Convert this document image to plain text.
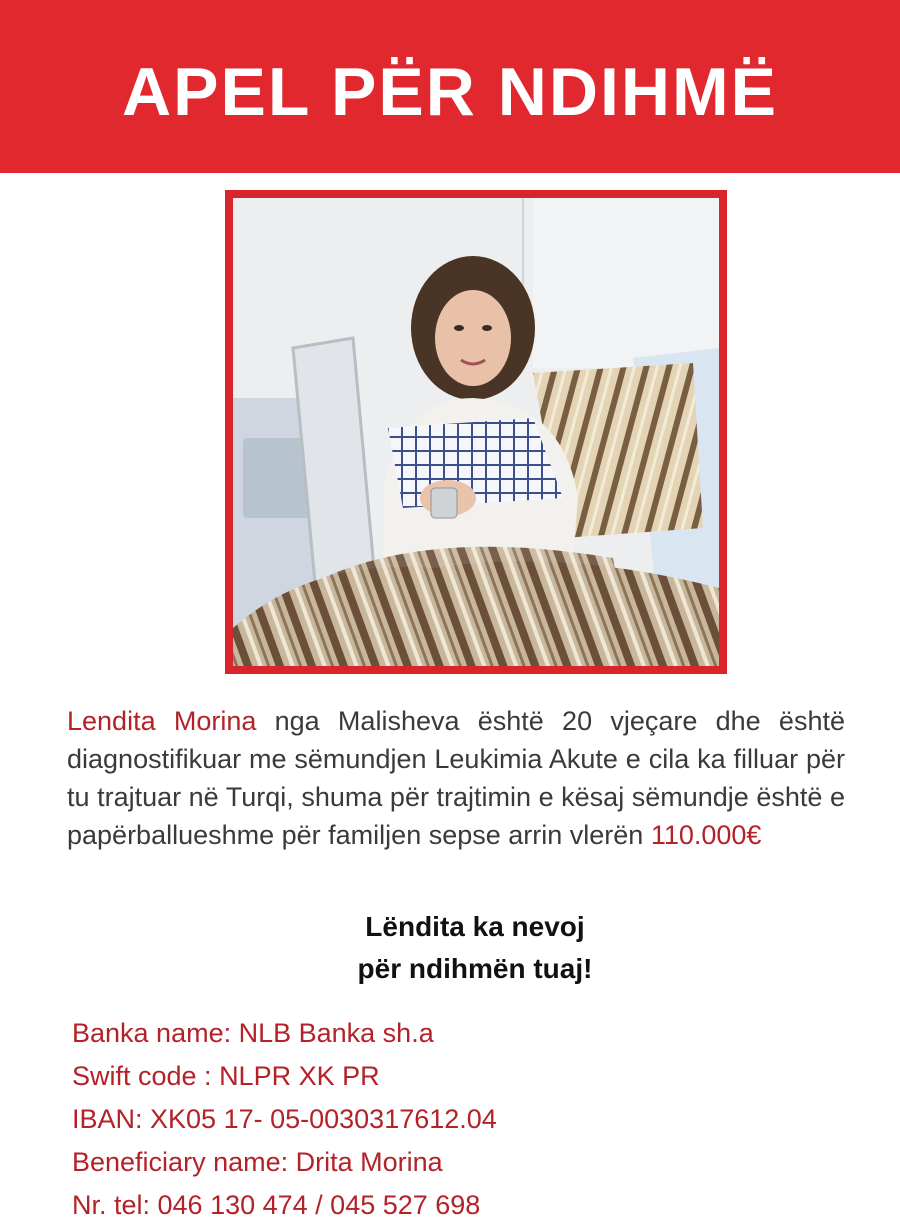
APEL PËR NDIHMË

Lendita Morina nga Malisheva është 20 vjeçare dhe është diagnostifikuar me sëmundjen Leukimia Akute e cila ka filluar për tu trajtuar në Turqi, shuma për trajtimin e kësaj sëmundje është e papërballueshme për familjen sepse arrin vlerën 110.000€

Lëndita ka nevoj
për ndihmën tuaj!
Banka name: NLB Banka sh.a
Swift code : NLPR XK PR
IBAN: XK05 17- 05-0030317612.04
Beneficiary name: Drita Morina
Nr. tel: 046 130 474 / 045 527 698
